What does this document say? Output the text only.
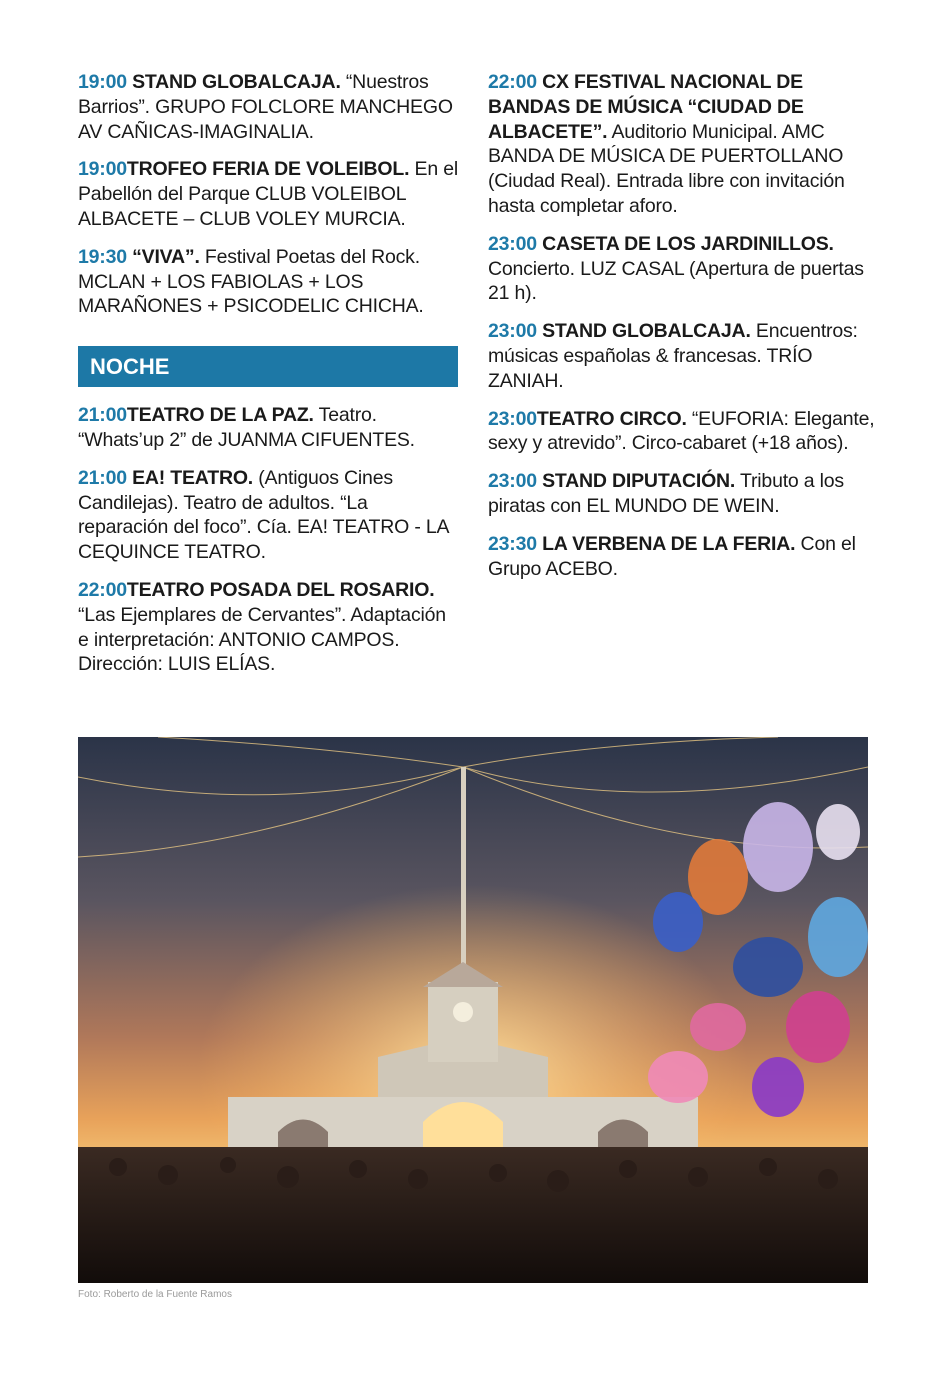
19:00 STAND GLOBALCAJA. “Nuestros Barrios”. GRUPO FOLCLORE MANCHEGO AV CAÑICAS-IMAGINALIA.
19:00TROFEO FERIA DE VOLEIBOL. En el Pabellón del Parque CLUB VOLEIBOL ALBACETE – CLUB VOLEY MURCIA.
19:30 “VIVA”. Festival Poetas del Rock. MCLAN + LOS FABIOLAS + LOS MARAÑONES + PSICODELIC CHICHA.
NOCHE
21:00TEATRO DE LA PAZ. Teatro. “Whats’up 2” de JUANMA CIFUENTES.
21:00 EA! TEATRO. (Antiguos Cines Candilejas). Teatro de adultos. “La reparación del foco”. Cía. EA! TEATRO - LA CEQUINCE TEATRO.
22:00TEATRO POSADA DEL ROSARIO. “Las Ejemplares de Cervantes”. Adaptación e interpretación: ANTONIO CAMPOS. Dirección: LUIS ELÍAS.
22:00 CX FESTIVAL NACIONAL DE BANDAS DE MÚSICA “CIUDAD DE ALBACETE”. Auditorio Municipal. AMC BANDA DE MÚSICA DE PUERTOLLANO (Ciudad Real). Entrada libre con invitación hasta completar aforo.
23:00 CASETA DE LOS JARDINILLOS. Concierto. LUZ CASAL (Apertura de puertas 21 h).
23:00 STAND GLOBALCAJA. Encuentros: músicas españolas & francesas. TRÍO ZANIAH.
23:00TEATRO CIRCO. “EUFORIA: Elegante, sexy y atrevido”. Circo-cabaret (+18 años).
23:00 STAND DIPUTACIÓN. Tributo a los piratas con EL MUNDO DE WEIN.
23:30 LA VERBENA DE LA FERIA. Con el Grupo ACEBO.
Foto: Roberto de la Fuente Ramos
